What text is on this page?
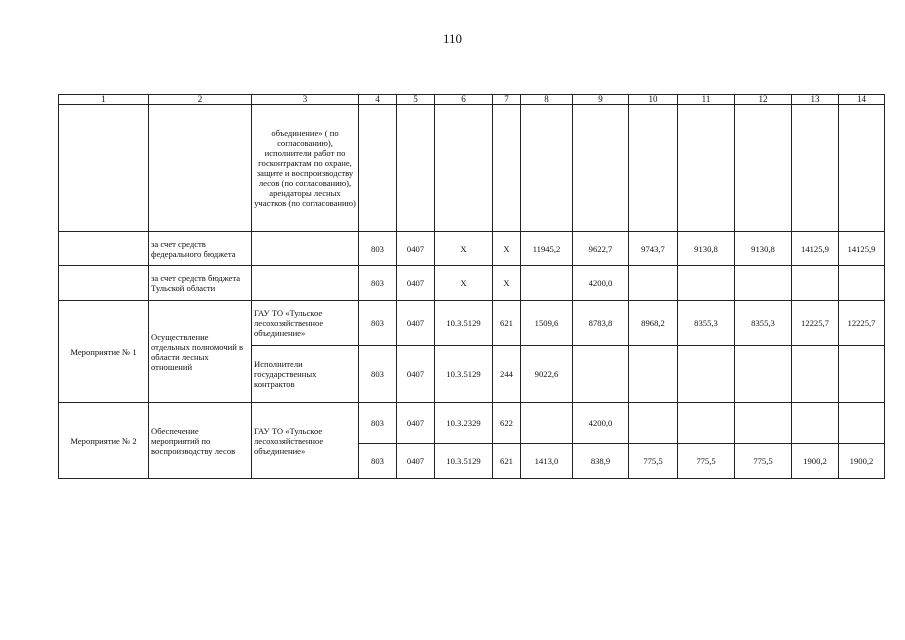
110
1	2	3	4	5	6	7	8	9	10	11	12	13	14
		объединение» ( по согласованию), исполнители работ по госконтрактам по охране, защите и воспроизводству лесов (по согласованию), арендаторы лесных участков (по согласованию)											
	за счет средств федерального бюджета		803	0407	X	X	11945,2	9622,7	9743,7	9130,8	9130,8	14125,9	14125,9
	за счет средств бюджета Тульской области		803	0407	X	X		4200,0					
Мероприятие № 1	Осуществление отдельных полномочий в области лесных отношений	ГАУ ТО «Тульское лесохозяйственное объединение»	803	0407	10.3.5129	621	1509,6	8783,8	8968,2	8355,3	8355,3	12225,7	12225,7
		Исполнители государственных контрактов	803	0407	10.3.5129	244	9022,6						
Мероприятие № 2	Обеспечение мероприятий по воспроизводству лесов	ГАУ ТО «Тульское лесохозяйственное объединение»	803	0407	10.3.2329	622		4200,0					
			803	0407	10.3.5129	621	1413,0	838,9	775,5	775,5	775,5	1900,2	1900,2
